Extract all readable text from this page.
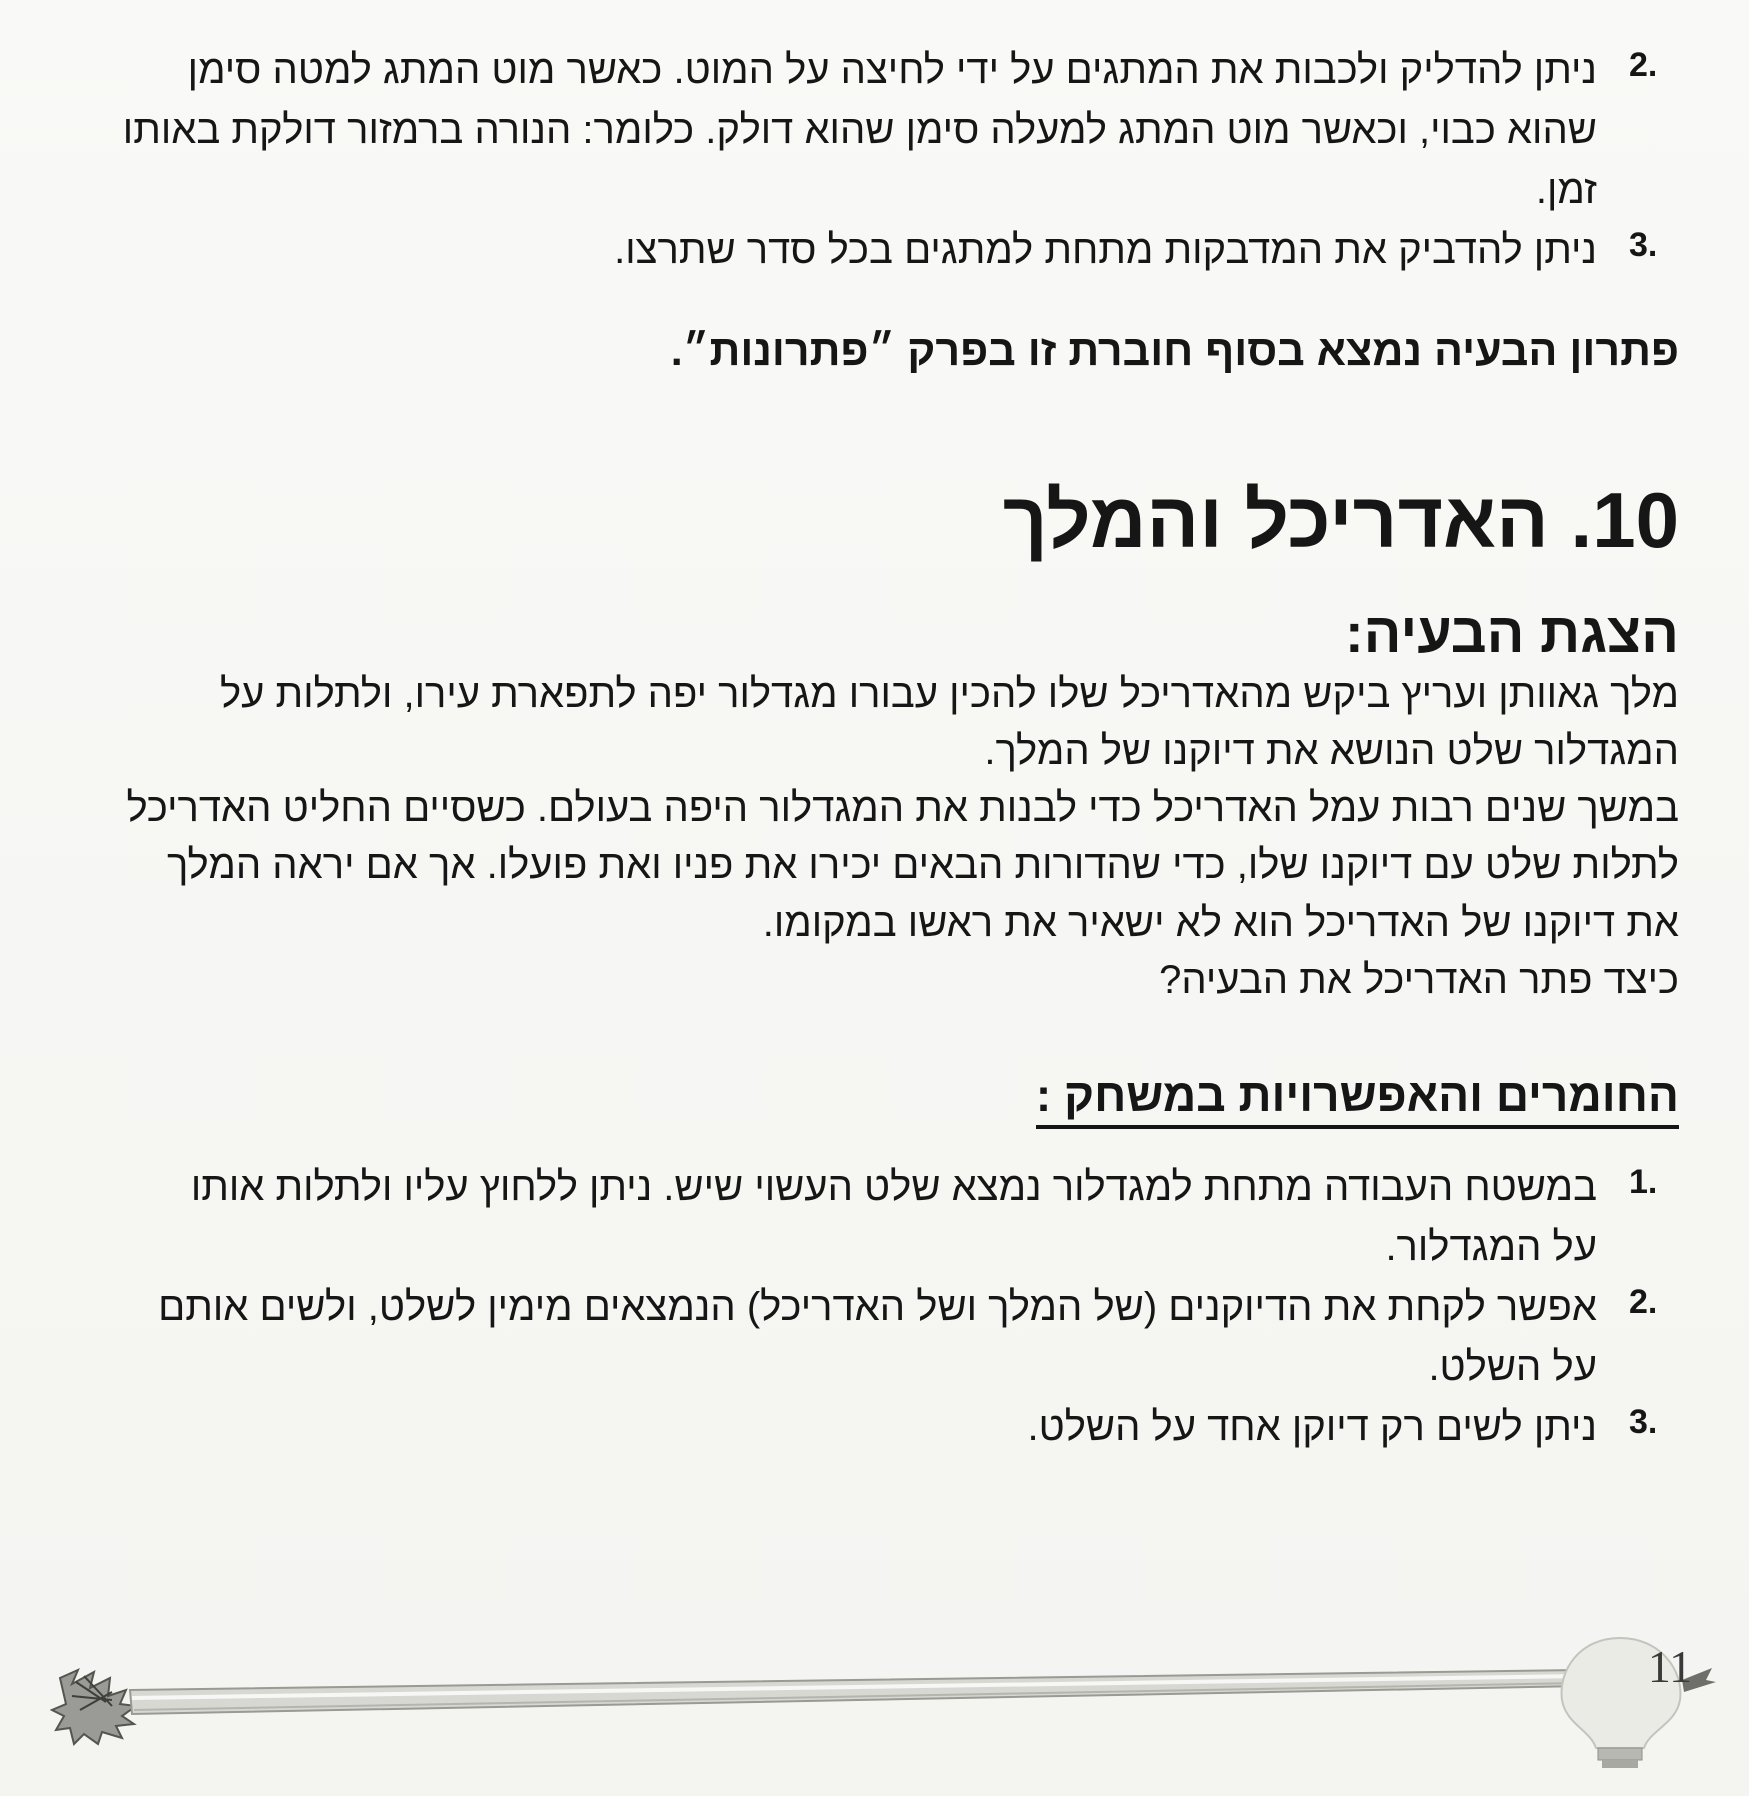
2.

ניתן להדליק ולכבות את המתגים על ידי לחיצה על המוט. כאשר מוט המתג למטה סימן

שהוא כבוי, וכאשר מוט המתג למעלה סימן שהוא דולק. כלומר: הנורה ברמזור דולקת באותו

זמן.

3.

ניתן להדביק את המדבקות מתחת למתגים בכל סדר שתרצו.

פתרון הבעיה נמצא בסוף חוברת זו בפרק ״פתרונות״.
10. האדריכל והמלך
הצגת הבעיה:

מלך גאוותן ועריץ ביקש מהאדריכל שלו להכין עבורו מגדלור יפה לתפארת עירו, ולתלות על

המגדלור שלט הנושא את דיוקנו של המלך.

במשך שנים רבות עמל האדריכל כדי לבנות את המגדלור היפה בעולם. כשסיים החליט האדריכל

לתלות שלט עם דיוקנו שלו, כדי שהדורות הבאים יכירו את פניו ואת פועלו. אך אם יראה המלך

את דיוקנו של האדריכל הוא לא ישאיר את ראשו במקומו.

כיצד פתר האדריכל את הבעיה?
החומרים והאפשרויות במשחק :
1.

במשטח העבודה מתחת למגדלור נמצא שלט העשוי שיש. ניתן ללחוץ עליו ולתלות אותו

על המגדלור.

2.

אפשר לקחת את הדיוקנים (של המלך ושל האדריכל) הנמצאים מימין לשלט, ולשים אותם

על השלט.

3.

ניתן לשים רק דיוקן אחד על השלט.

11
